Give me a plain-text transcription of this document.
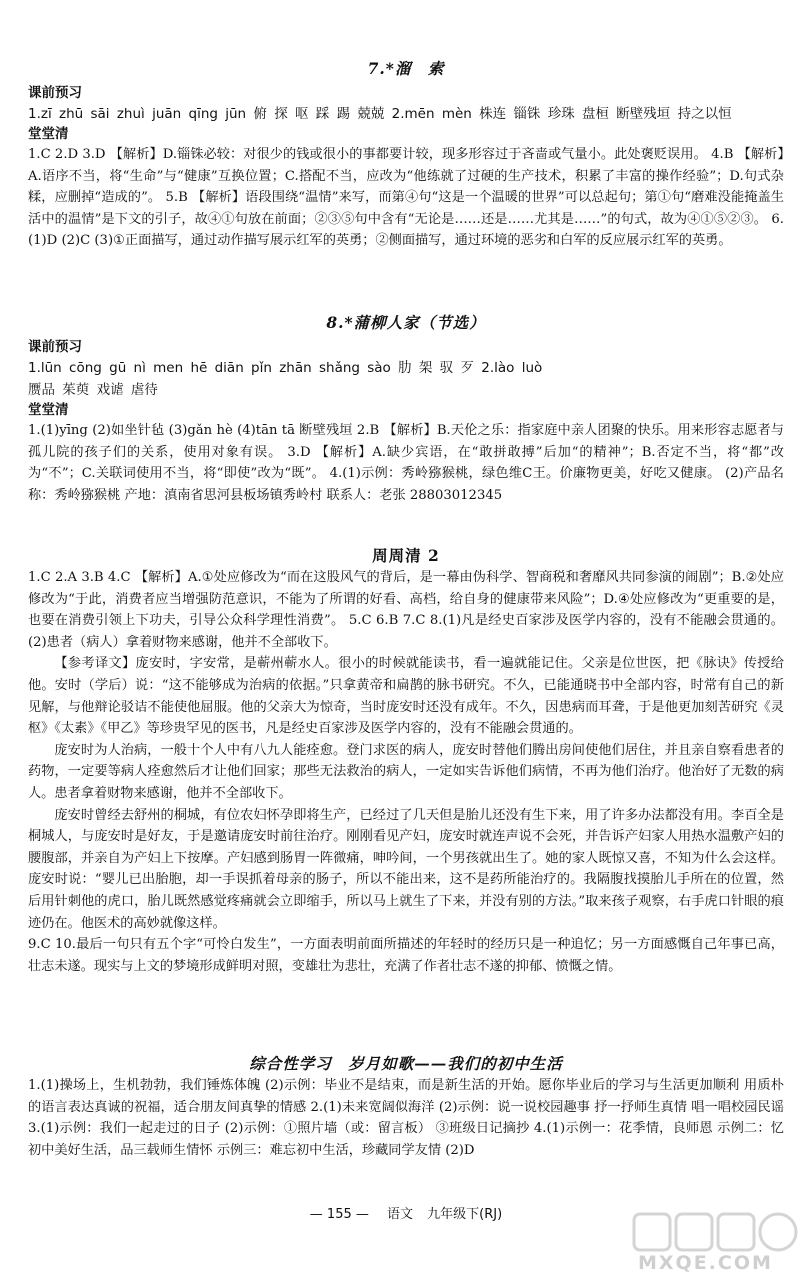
7.*溜　索

课前预习

1.zī zhū sāi zhuì juān qīng jūn 俯 探 呕 踩 踢 兢兢 2.mēn mèn 株连 锱铢 珍珠 盘桓 断壁残垣 持之以恒

堂堂清

1.C 2.D 3.D 【解析】D.锱铢必较：对很少的钱或很小的事都要计较，现多形容过于吝啬或气量小。此处褒贬误用。 4.B 【解析】A.语序不当，将“生命”与“健康”互换位置；C.搭配不当，应改为“他练就了过硬的生产技术，积累了丰富的操作经验”；D.句式杂糅，应删掉“造成的”。 5.B 【解析】语段围绕“温情”来写，而第④句“这是一个温暖的世界”可以总起句；第①句“磨难没能掩盖生活中的温情”是下文的引子，故④①句放在前面；②③⑤句中含有“无论是……还是……尤其是……”的句式，故为④①⑤②③。 6.(1)D (2)C (3)①正面描写，通过动作描写展示红军的英勇；②侧面描写，通过环境的恶劣和白军的反应展示红军的英勇。

8.*蒲柳人家（节选）

课前预习

1.lūn cōng gū nì men hē diān pǐn zhān shǎng sào 肋 架 驭 歹 2.lào luò

赝品 茱萸 戏谑 虐待

堂堂清

1.(1)yīng (2)如坐针毡 (3)gǎn hè (4)tān tā 断壁残垣 2.B 【解析】B.天伦之乐：指家庭中亲人团聚的快乐。用来形容志愿者与孤儿院的孩子们的关系，使用对象有误。 3.D 【解析】A.缺少宾语，在“敢拼敢搏”后加“的精神”；B.否定不当，将“都”改为“不”；C.关联词使用不当，将“即使”改为“既”。 4.(1)示例：秀岭猕猴桃，绿色维C王。价廉物更美，好吃又健康。 (2)产品名称：秀岭猕猴桃 产地：滇南省思河县板场镇秀岭村 联系人：老张 28803012345

周周清 2

1.C 2.A 3.B 4.C 【解析】A.①处应修改为“而在这股风气的背后，是一幕由伪科学、智商税和奢靡风共同参演的闹剧”；B.②处应修改为“于此，消费者应当增强防范意识，不能为了所谓的好看、高档，给自身的健康带来风险”；D.④处应修改为“更重要的是，也要在消费引领上下功夫，引导公众科学理性消费”。 5.C 6.B 7.C 8.(1)凡是经史百家涉及医学内容的，没有不能融会贯通的。 (2)患者（病人）拿着财物来感谢，他并不全部收下。

【参考译文】庞安时，字安常，是蕲州蕲水人。很小的时候就能读书，看一遍就能记住。父亲是位世医，把《脉诀》传授给他。安时（学后）说：“这不能够成为治病的依据。”只拿黄帝和扁鹊的脉书研究。不久，已能通晓书中全部内容，时常有自己的新见解，与他辩论驳诘不能使他屈服。他的父亲大为惊奇，当时庞安时还没有成年。不久，因患病而耳聋，于是他更加刻苦研究《灵枢》《太素》《甲乙》等珍贵罕见的医书，凡是经史百家涉及医学内容的，没有不能融会贯通的。

庞安时为人治病，一般十个人中有八九人能痊愈。登门求医的病人，庞安时替他们腾出房间使他们居住，并且亲自察看患者的药物，一定要等病人痊愈然后才让他们回家；那些无法救治的病人，一定如实告诉他们病情，不再为他们治疗。他治好了无数的病人。患者拿着财物来感谢，他并不全部收下。

庞安时曾经去舒州的桐城，有位农妇怀孕即将生产，已经过了几天但是胎儿还没有生下来，用了许多办法都没有用。李百全是桐城人，与庞安时是好友，于是邀请庞安时前往治疗。刚刚看见产妇，庞安时就连声说不会死，并告诉产妇家人用热水温敷产妇的腰腹部，并亲自为产妇上下按摩。产妇感到肠胃一阵微痛，呻吟间，一个男孩就出生了。她的家人既惊又喜，不知为什么会这样。庞安时说：“婴儿已出胎胞，却一手误抓着母亲的肠子，所以不能出来，这不是药所能治疗的。我隔腹找摸胎儿手所在的位置，然后用针刺他的虎口，胎儿既然感觉疼痛就会立即缩手，所以马上就生了下来，并没有别的方法。”取来孩子观察，右手虎口针眼的痕迹仍在。他医术的高妙就像这样。

9.C 10.最后一句只有五个字“可怜白发生”，一方面表明前面所描述的年轻时的经历只是一种追忆；另一方面感慨自己年事已高，壮志未遂。现实与上文的梦境形成鲜明对照，变雄壮为悲壮，充满了作者壮志不遂的抑郁、愤慨之情。

综合性学习　岁月如歌——我们的初中生活

1.(1)操场上，生机勃勃，我们锤炼体魄 (2)示例：毕业不是结束，而是新生活的开始。愿你毕业后的学习与生活更加顺利 用质朴的语言表达真诚的祝福，适合朋友间真挚的情感 2.(1)未来宽阔似海洋 (2)示例：说一说校园趣事 抒一抒师生真情 唱一唱校园民谣 3.(1)示例：我们一起走过的日子 (2)示例：①照片墙（或：留言板） ③班级日记摘抄 4.(1)示例一：花季情，良师恩 示例二：忆初中美好生活，品三载师生情怀 示例三：难忘初中生活，珍藏同学友情 (2)D

— 155 — 语文 九年级下(RJ)
MXQE.COM
